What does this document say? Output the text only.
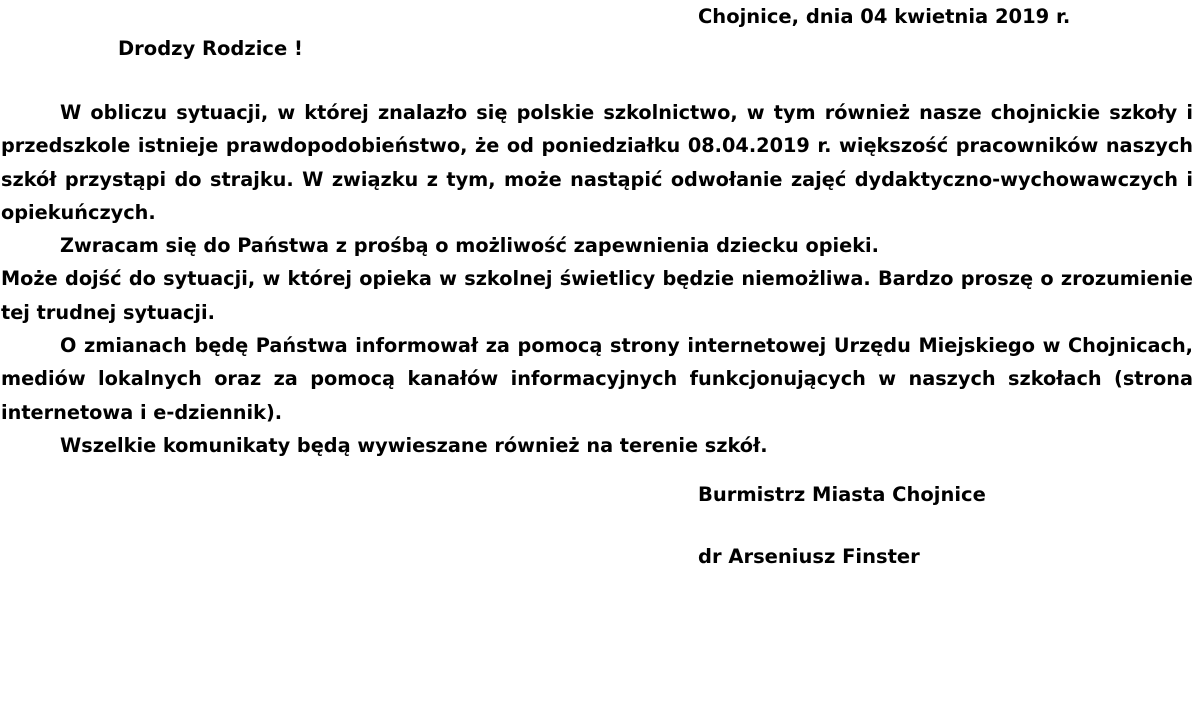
Chojnice, dnia 04 kwietnia 2019 r.
Drodzy Rodzice !

W obliczu sytuacji, w której znalazło się polskie szkolnictwo, w tym również nasze chojnickie szkoły i przedszkole istnieje prawdopodobieństwo, że od poniedziałku 08.04.2019 r. większość pracowników naszych szkół przystąpi do strajku. W związku z tym, może nastąpić odwołanie zajęć dydaktyczno-wychowawczych i opiekuńczych.

Zwracam się do Państwa z prośbą o możliwość zapewnienia dziecku opieki.

Może dojść do sytuacji, w której opieka w szkolnej świetlicy będzie niemożliwa. Bardzo proszę o zrozumienie tej trudnej sytuacji.

O zmianach będę Państwa informował za pomocą strony internetowej Urzędu Miejskiego w Chojnicach, mediów lokalnych oraz za pomocą kanałów informacyjnych funkcjonujących w naszych szkołach (strona internetowa i e-dziennik).

Wszelkie komunikaty będą wywieszane również na terenie szkół.

Burmistrz Miasta Chojnice
dr Arseniusz Finster
